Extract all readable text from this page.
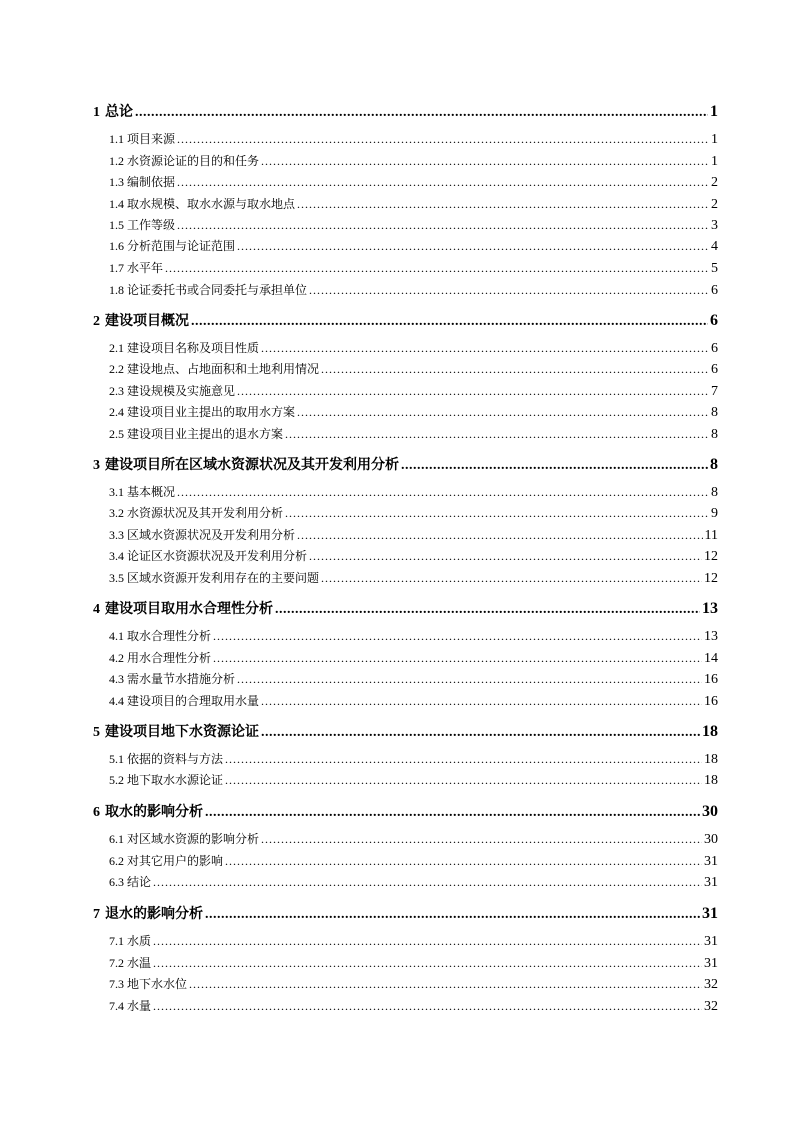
1 总论 .....	1
1.1 项目来源 .....	1
1.2 水资源论证的目的和任务 .....	1
1.3 编制依据 .....	2
1.4 取水规模、取水水源与取水地点 .....	2
1.5 工作等级 .....	3
1.6 分析范围与论证范围 .....	4
1.7 水平年 .....	5
1.8 论证委托书或合同委托与承担单位 .....	6
2 建设项目概况 .....	6
2.1 建设项目名称及项目性质 .....	6
2.2 建设地点、占地面积和土地利用情况 .....	6
2.3 建设规模及实施意见 .....	7
2.4 建设项目业主提出的取用水方案 .....	8
2.5 建设项目业主提出的退水方案 .....	8
3 建设项目所在区域水资源状况及其开发利用分析 .....	8
3.1 基本概况 .....	8
3.2 水资源状况及其开发利用分析 .....	9
3.3 区域水资源状况及开发利用分析 .....	11
3.4 论证区水资源状况及开发利用分析 .....	12
3.5 区域水资源开发利用存在的主要问题 .....	12
4 建设项目取用水合理性分析 .....	13
4.1 取水合理性分析 .....	13
4.2 用水合理性分析 .....	14
4.3 需水量节水措施分析 .....	16
4.4 建设项目的合理取用水量 .....	16
5 建设项目地下水资源论证 .....	18
5.1 依据的资料与方法 .....	18
5.2 地下取水水源论证 .....	18
6 取水的影响分析 .....	30
6.1 对区域水资源的影响分析 .....	30
6.2 对其它用户的影响 .....	31
6.3 结论 .....	31
7 退水的影响分析 .....	31
7.1 水质 .....	31
7.2 水温 .....	31
7.3 地下水水位 .....	32
7.4 水量 .....	32
